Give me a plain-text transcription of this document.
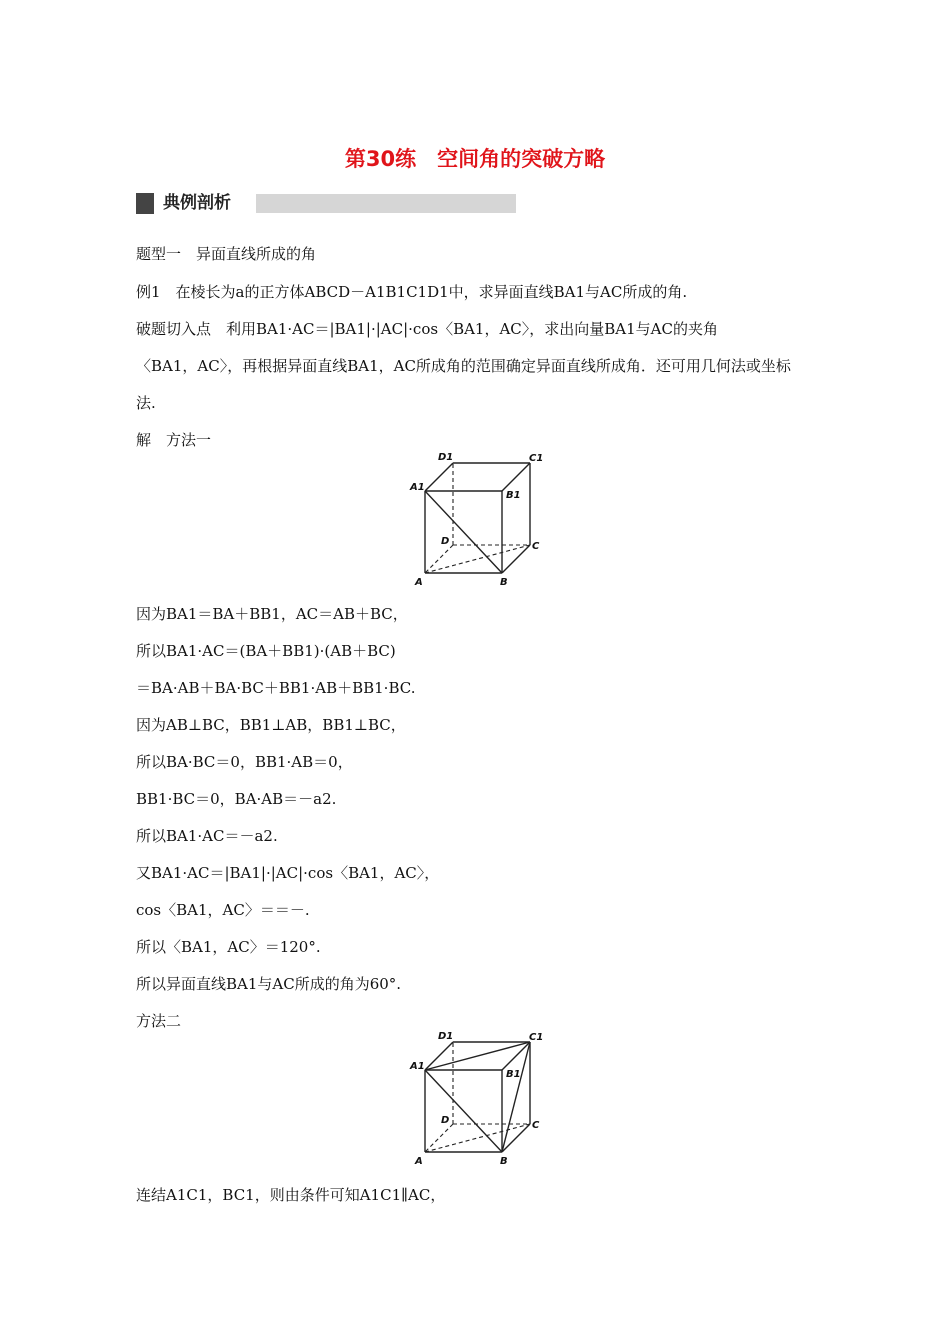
第30练　空间角的突破方略
典例剖析
题型一　异面直线所成的角
例1　在棱长为a的正方体ABCD－A1B1C1D1中，求异面直线BA1与AC所成的角.
破题切入点　利用BA1·AC＝|BA1|·|AC|·cos〈BA1，AC〉，求出向量BA1与AC的夹角
〈BA1，AC〉，再根据异面直线BA1，AC所成角的范围确定异面直线所成角．还可用几何法或坐标
法.
解　方法一
A	B
C
D
A1
B1
C1
D1
因为BA1＝BA＋BB1，AC＝AB＋BC，
所以BA1·AC＝(BA＋BB1)·(AB＋BC)
＝BA·AB＋BA·BC＋BB1·AB＋BB1·BC.
因为AB⊥BC，BB1⊥AB，BB1⊥BC，
所以BA·BC＝0，BB1·AB＝0，
BB1·BC＝0，BA·AB＝－a2.
所以BA1·AC＝－a2.
又BA1·AC＝|BA1|·|AC|·cos〈BA1，AC〉，
cos〈BA1，AC〉＝＝－.
所以〈BA1，AC〉＝120°.
所以异面直线BA1与AC所成的角为60°.
方法二
A	B
C
D
A1
B1
C1
D1
连结A1C1，BC1，则由条件可知A1C1∥AC，
